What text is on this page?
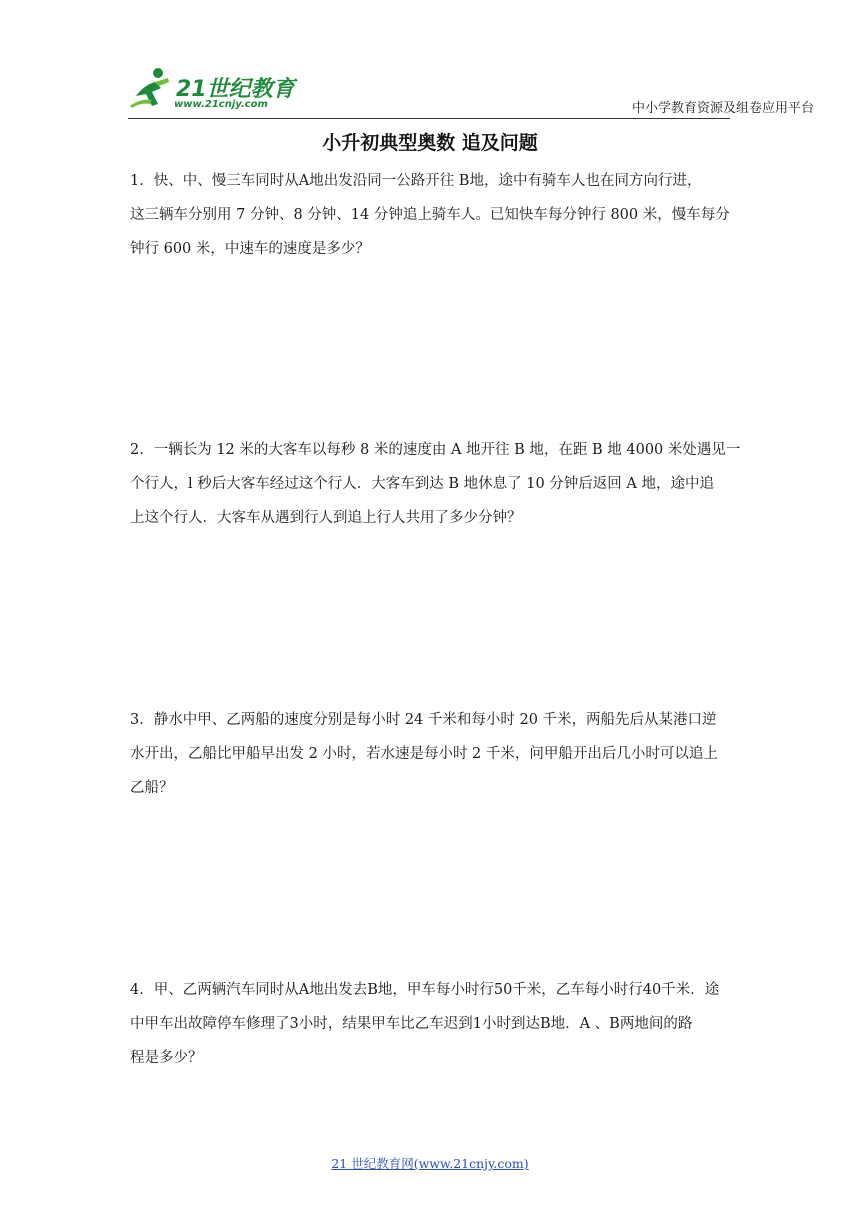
21世纪教育
www.21cnjy.com	中小学教育资源及组卷应用平台
小升初典型奥数 追及问题
1．快、中、慢三车同时从A地出发沿同一公路开往 B地，途中有骑车人也在同方向行进，
这三辆车分别用 7 分钟、8 分钟、14 分钟追上骑车人。已知快车每分钟行 800 米，慢车每分
钟行 600 米，中速车的速度是多少？
2．一辆长为 12 米的大客车以每秒 8 米的速度由 A 地开往 B 地，在距 B 地 4000 米处遇见一
个行人，l 秒后大客车经过这个行人．大客车到达 B 地休息了 10 分钟后返回 A 地，途中追
上这个行人．大客车从遇到行人到追上行人共用了多少分钟？
3．静水中甲、乙两船的速度分别是每小时 24 千米和每小时 20 千米，两船先后从某港口逆
水开出，乙船比甲船早出发 2 小时，若水速是每小时 2 千米，问甲船开出后几小时可以追上
乙船？
4．甲、乙两辆汽车同时从A地出发去B地，甲车每小时行50千米，乙车每小时行40千米．途
中甲车出故障停车修理了3小时，结果甲车比乙车迟到1小时到达B地．A 、B两地间的路
程是多少？
21 世纪教育网(www.21cnjy.com)
